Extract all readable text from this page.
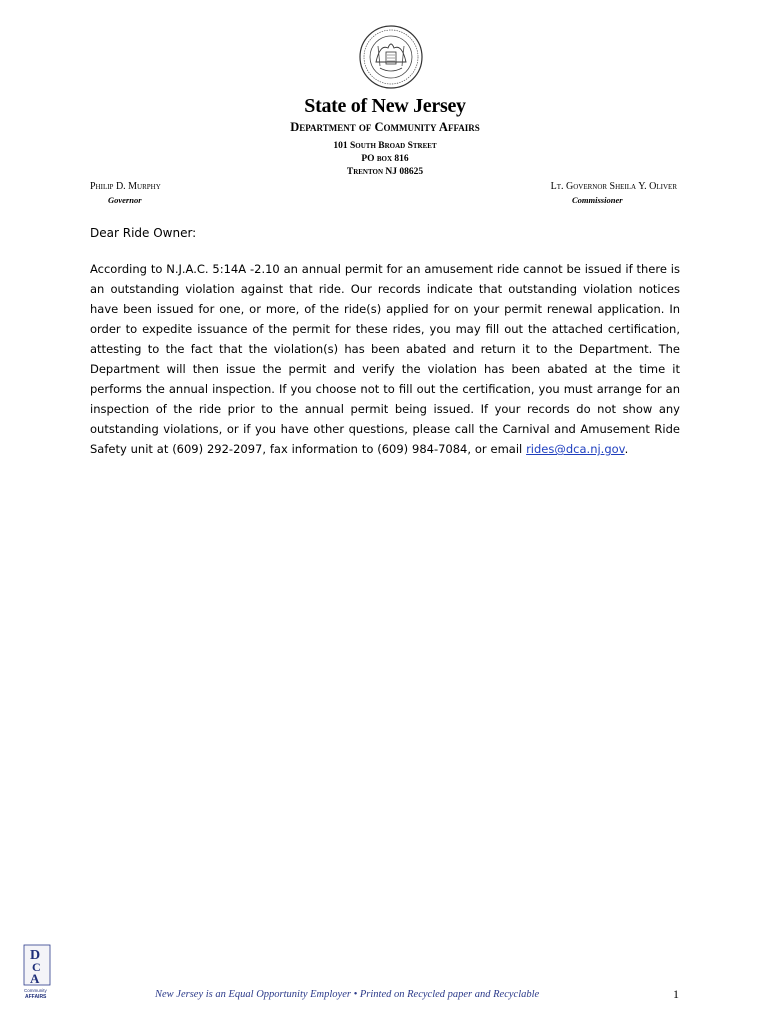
State of New Jersey
Department of Community Affairs
101 South Broad Street
PO box 816
Trenton NJ 08625
Philip D. Murphy
Governor
Lt. Governor Sheila Y. Oliver
Commissioner
Dear Ride Owner:
According to N.J.A.C. 5:14A -2.10 an annual permit for an amusement ride cannot be issued if there is an outstanding violation against that ride. Our records indicate that outstanding violation notices have been issued for one, or more, of the ride(s) applied for on your permit renewal application. In order to expedite issuance of the permit for these rides, you may fill out the attached certification, attesting to the fact that the violation(s) has been abated and return it to the Department. The Department will then issue the permit and verify the violation has been abated at the time it performs the annual inspection. If you choose not to fill out the certification, you must arrange for an inspection of the ride prior to the annual permit being issued. If your records do not show any outstanding violations, or if you have other questions, please call the Carnival and Amusement Ride Safety unit at (609) 292-2097, fax information to (609) 984-7084, or email rides@dca.nj.gov.
D
C
A
Community
AFFAIRS	New Jersey is an Equal Opportunity Employer • Printed on Recycled paper and Recyclable	1
